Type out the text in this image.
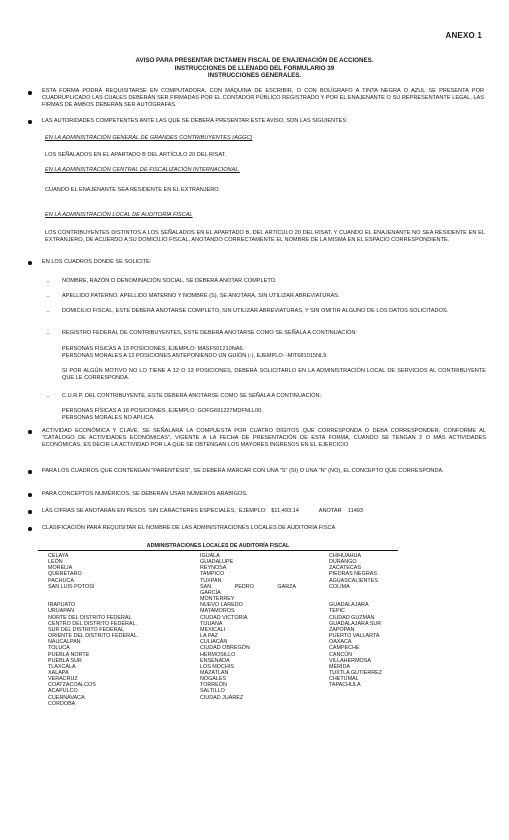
ANEXO 1
AVISO PARA PRESENTAR DICTAMEN FISCAL DE ENAJENACIÓN DE ACCIONES.
INSTRUCCIONES DE LLENADO DEL FORMULARIO 39
INSTRUCCIONES GENERALES.
ESTA FORMA PODRÁ REQUISITARSE EN COMPUTADORA, CON MÁQUINA DE ESCRIBIR, O CON BOLÍGRAFO A TINTA NEGRA O AZUL SE PRESENTA POR CUADRUPLICADO LAS CUALES DEBERÁN SER FIRMADAS POR EL CONTADOR PÚBLICO REGISTRADO Y POR EL ENAJENANTE O SU REPRESENTANTE LEGAL, LAS FIRMAS DE AMBOS DEBERÁN SER AUTÓGRAFAS.
LAS AUTORIDADES COMPETENTES ANTE LAS QUE SE DEBERÁ PRESENTAR ESTE AVISO, SON LAS SIGUIENTES:
EN LA ADMINISTRACIÓN GENERAL DE GRANDES CONTRIBUYENTES (AGGC)
LOS SEÑALADOS EN EL APARTADO B DEL ARTÍCULO 20 DEL RISAT.
EN LA ADMINISTRACIÓN CENTRAL DE FISCALIZACIÓN INTERNACIONAL.
CUANDO EL ENAJENANTE SEA RESIDENTE EN EL EXTRANJERO.
EN LA ADMINISTRACIÓN LOCAL DE AUDITORÍA FISCAL
LOS CONTRIBUYENTES DISTINTOS A LOS SEÑALADOS EN EL APARTADO B, DEL ARTÍCULO 20 DEL RISAT, Y CUANDO EL ENAJENANTE NO SEA RESIDENTE EN EL EXTRANJERO, DE ACUERDO A SU DOMICILIO FISCAL, ANOTANDO CORRECTAMENTE EL NOMBRE DE LA MISMA EN EL ESPACIO CORRESPONDIENTE.
EN LOS CUADROS DONDE SE SOLICITE:
- NOMBRE, RAZÓN O DENOMINACIÓN SOCIAL, SE DEBERÁ ANOTAR COMPLETO.
- APELLIDO PATERNO, APELLIDO MATERNO Y NOMBRE (S), SE ANOTARÁ, SIN UTILIZAR ABREVIATURAS.
- DOMICILIO FISCAL, ESTE DEBERÁ ANOTARSE COMPLETO, SIN UTILIZAR ABREVIATURAS, Y SIN OMITIR ALGUNO DE LOS DATOS SOLICITADOS.
- REGISTRO FEDERAL DE CONTRIBUYENTES, ESTE DEBERÁ ANOTARSE COMO SE SEÑALA A CONTINUACIÓN:
PERSONAS FÍSICAS A 13 POSICIONES, EJEMPLO: MASF501210NA6.
PERSONAS MORALES A 12 POSICIONES ANTEPONIENDO UN GUIÓN (-), EJEMPLO: -MIT681015NL9.
SI POR ALGÚN MOTIVO NO LO TIENE A 12 O 13 POSICIONES, DEBERÁ SOLICITARLO EN LA ADMINISTRACIÓN LOCAL DE SERVICIOS AL CONTRIBUYENTE QUE LE CORRESPONDA.
- C.U.R.P. DEL CONTRIBUYENTE, ESTE DEBERÁ ANOTARSE COMO SE SEÑALA A CONTINUACIÓN:
PERSONAS FÍSICAS A 18 POSICIONES, EJEMPLO: GOFG691227MDFNLL00.
PERSONAS MORALES NO APLICA.
ACTIVIDAD ECONÓMICA Y CLAVE. SE SEÑALARÁ LA COMPUESTA POR CUATRO DÍGITOS QUE CORRESPONDA O DEBA CORRESPONDER, CONFORME AL "CATÁLOGO DE ACTIVIDADES ECONÓMICAS", VIGENTE A LA FECHA DE PRESENTACIÓN DE ESTA FORMA, CUANDO SE TENGAN 2 O MÁS ACTIVIDADES ECONÓMICAS, ES DECIR LA ACTIVIDAD POR LA QUE SE OBTENGAN LOS MAYORES INGRESOS EN EL EJERCICIO.
PARA LOS CUADROS QUE CONTENGAN "PARÉNTESIS", SE DEBERÁ MARCAR CON UNA "S" (SI) O UNA "N" (NO), EL CONCEPTO QUE CORRESPONDA.
PARA CONCEPTOS NUMÉRICOS, SE DEBERÁN USAR NÚMEROS ARÁBIGOS.
LAS CIFRAS SE ANOTARÁN EN PESOS  SIN CARACTERES ESPECIALES,  EJEMPLO:   $11,493.14             ANOTAR    11493
CLASIFICACIÓN PARA REQUISITAR EL NOMBRE DE LAS ADMINISTRACIONES LOCALES DE AUDITORÍA FISCA
ADMINISTRACIONES LOCALES DE AUDITORÍA FISCAL
CELAYA
LEÓN
MORELIA
QUERÉTARO
PACHUCA
SAN LUIS POTOSÍ

IRAPUATO
URUAPAN
NORTE DEL DISTRITO FEDERAL
CENTRO DEL DISTRITO FEDERAL.
SUR DEL DISTRITO FEDERAL
ORIENTE DEL DISTRITO FEDERAL.
NAUCALPAN
TOLUCA
PUEBLA NORTE
PUEBLA SUR
TLAXCALA
XALAPA
VERACRUZ
COATZACOALCOS
ACAPULCO
CUERNAVACA
CÓRDOBA
IGUALA
GUADALUPE
REYNOSA
TAMPICO
TUXPAN
SAN PEDRO GARZA
GARCÍA
MONTERREY
NUEVO LAREDO
MATAMOROS
CIUDAD VICTORIA
TIJUANA
MEXICALI
LA PAZ
CULIACÁN
CIUDAD OBREGÓN
HERMOSILLO
ENSENADA
LOS MOCHIS
MAZATLÁN
NOGALES
TORREÓN
SALTILLO
CIUDAD JUÁREZ
CHIHUAHUA
DURANGO
ZACATECAS
PIEDRAS NEGRAS
AGUASCALIENTES
COLIMA

GUADALAJARA
TEPIC
CIUDAD GUZMÁN
GUADALAJARA SUR
ZAPOPAN
PUERTO VALLARTA
OAXACA
CAMPECHE
CANCÚN
VILLAHERMOSA
MÉRIDA
TUXTLA GUTIÉRREZ
CHETUMAL
TAPACHULA
